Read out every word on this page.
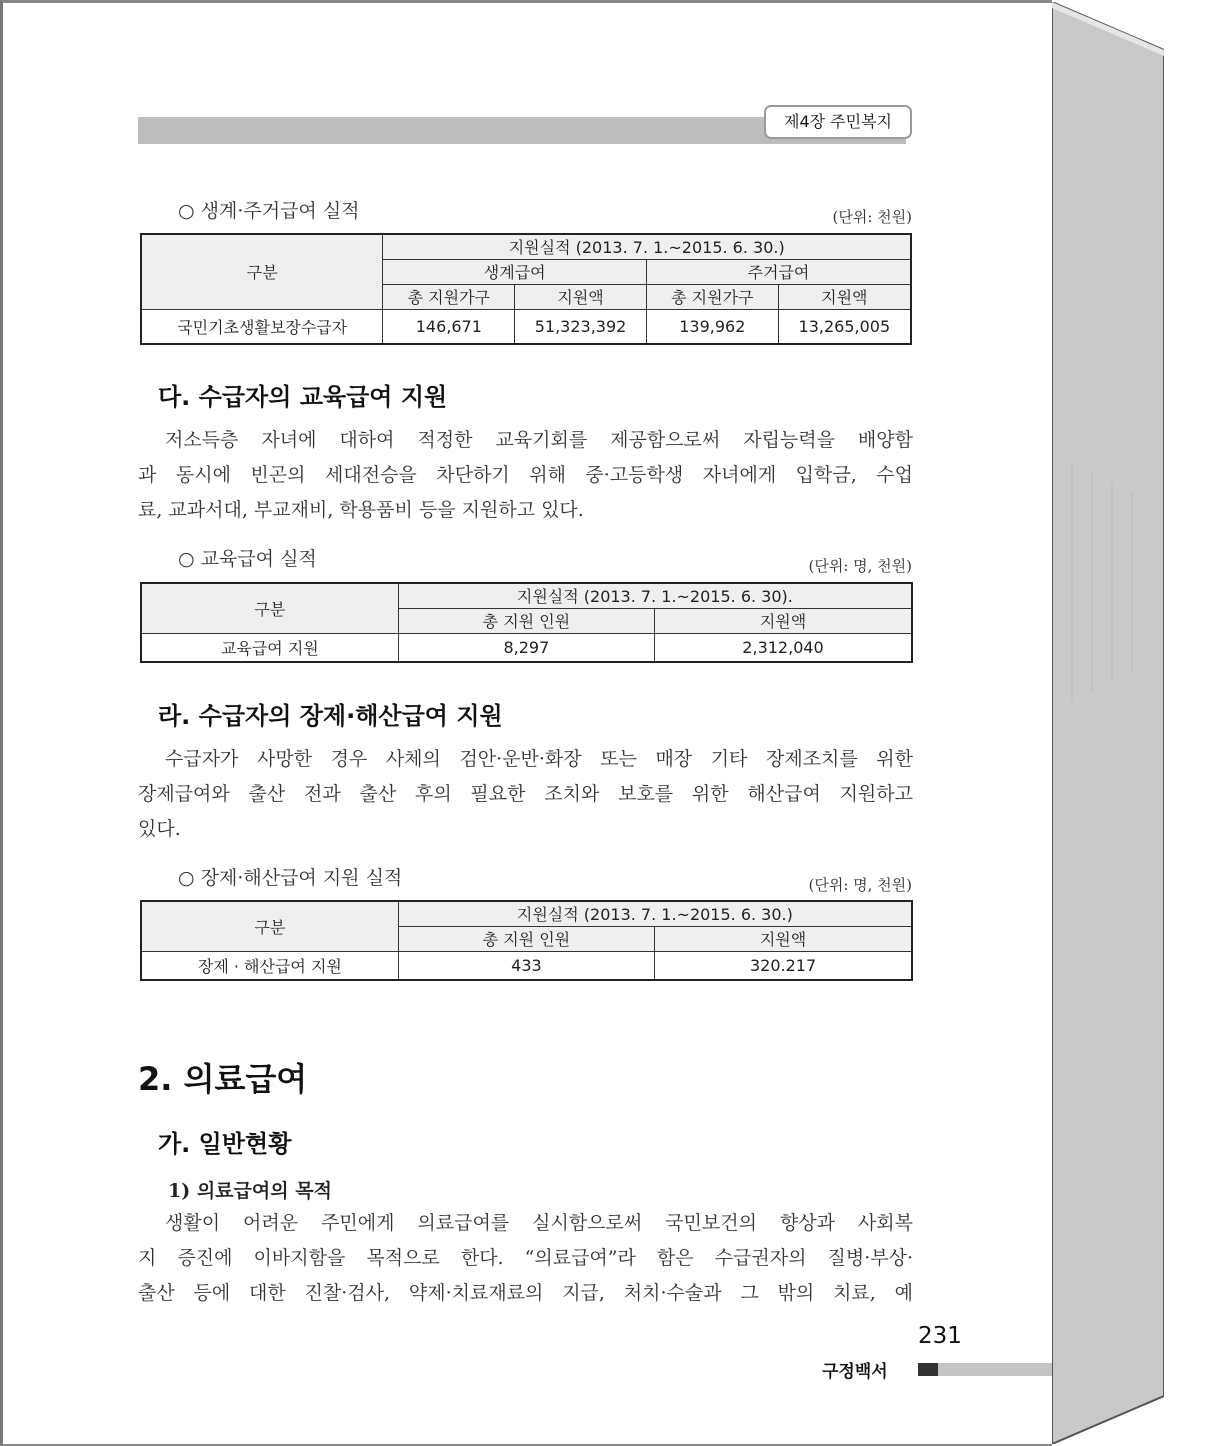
제4장 주민복지
○ 생계·주거급여 실적	(단위: 천원)
구분	지원실적 (2013. 7. 1.~2015. 6. 30.)			
	생계급여		주거급여	
	총 지원가구	지원액	총 지원가구	지원액
국민기초생활보장수급자	146,671	51,323,392	139,962	13,265,005
다. 수급자의 교육급여 지원
저소득층 자녀에 대하여 적정한 교육기회를 제공함으로써 자립능력을 배양함
과 동시에 빈곤의 세대전승을 차단하기 위해 중·고등학생 자녀에게 입학금, 수업
료, 교과서대, 부교재비, 학용품비 등을 지원하고 있다.
○ 교육급여 실적	(단위: 명, 천원)
구분	지원실적 (2013. 7. 1.~2015. 6. 30).	
	총 지원 인원	지원액
교육급여 지원	8,297	2,312,040
라. 수급자의 장제·해산급여 지원
수급자가 사망한 경우 사체의 검안·운반·화장 또는 매장 기타 장제조치를 위한
장제급여와 출산 전과 출산 후의 필요한 조치와 보호를 위한 해산급여 지원하고
있다.
○ 장제·해산급여 지원 실적	(단위: 명, 천원)
구분	지원실적 (2013. 7. 1.~2015. 6. 30.)	
	총 지원 인원	지원액
장제 · 해산급여 지원	433	320.217
2. 의료급여
가. 일반현황
1) 의료급여의 목적
생활이 어려운 주민에게 의료급여를 실시함으로써 국민보건의 향상과 사회복
지 증진에 이바지함을 목적으로 한다. “의료급여”라 함은 수급권자의 질병·부상·
출산 등에 대한 진찰·검사, 약제·치료재료의 지급, 처치·수술과 그 밖의 치료, 예
231
구정백서
